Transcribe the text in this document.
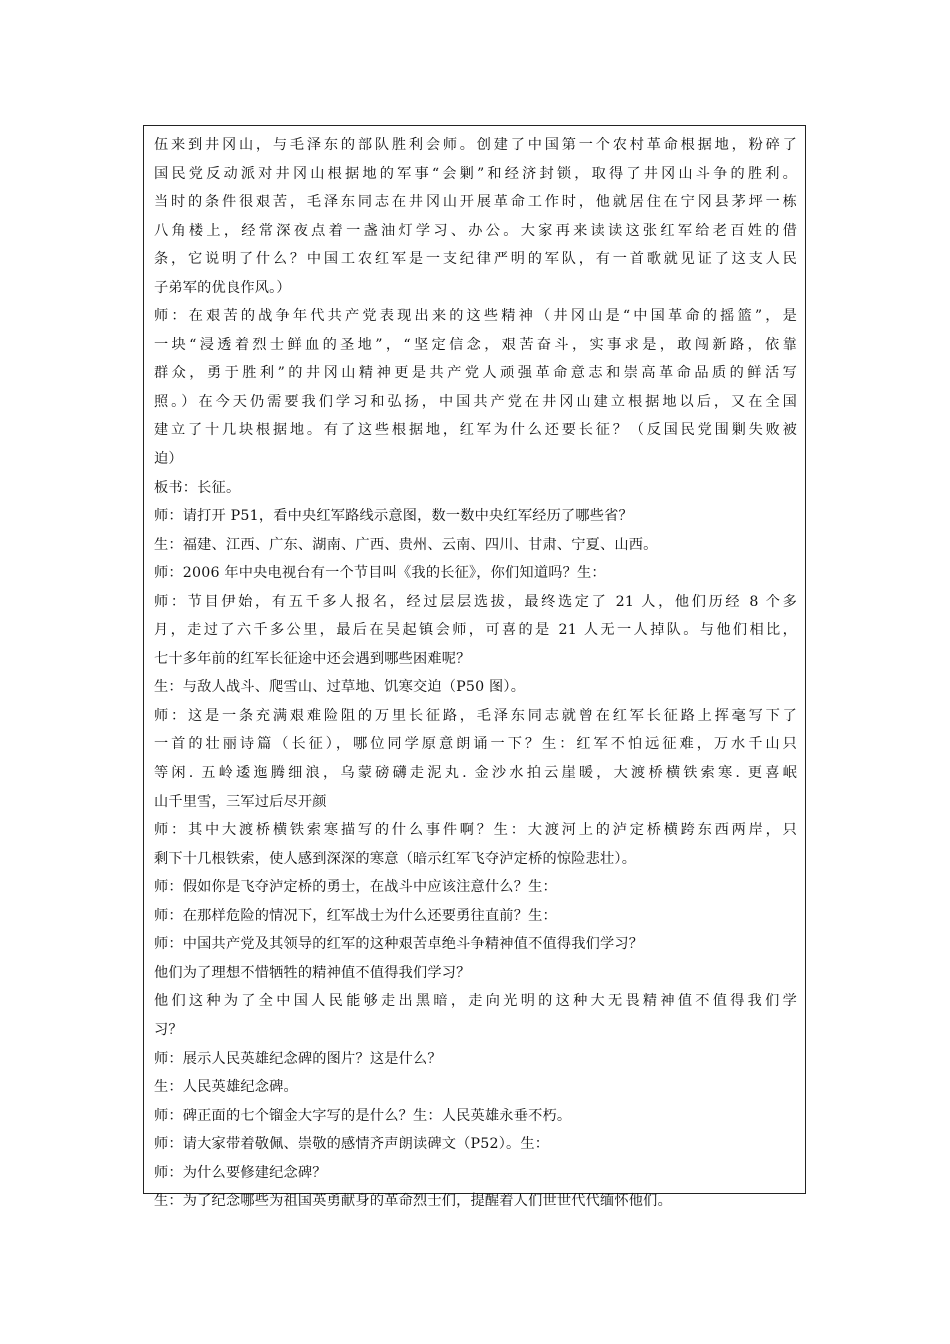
伍来到井冈山，与毛泽东的部队胜利会师。创建了中国第一个农村革命根据地，粉碎了
国民党反动派对井冈山根据地的军事“会剿”和经济封锁，取得了井冈山斗争的胜利。
当时的条件很艰苦，毛泽东同志在井冈山开展革命工作时，他就居住在宁冈县茅坪一栋
八角楼上，经常深夜点着一盏油灯学习、办公。大家再来读读这张红军给老百姓的借
条，它说明了什么？中国工农红军是一支纪律严明的军队，有一首歌就见证了这支人民
子弟军的优良作风。）
师：在艰苦的战争年代共产党表现出来的这些精神（井冈山是“中国革命的摇篮”，是
一块“浸透着烈士鲜血的圣地”，“坚定信念，艰苦奋斗，实事求是，敢闯新路，依靠
群众，勇于胜利”的井冈山精神更是共产党人顽强革命意志和崇高革命品质的鲜活写
照。）在今天仍需要我们学习和弘扬，中国共产党在井冈山建立根据地以后，又在全国
建立了十几块根据地。有了这些根据地，红军为什么还要长征？（反国民党围剿失败被
迫）
板书：长征。
师：请打开 P51，看中央红军路线示意图，数一数中央红军经历了哪些省？
生：福建、江西、广东、湖南、广西、贵州、云南、四川、甘肃、宁夏、山西。
师：2006 年中央电视台有一个节目叫《我的长征》，你们知道吗？生：
师：节目伊始，有五千多人报名，经过层层选拔，最终选定了 21 人，他们历经 8 个多
月，走过了六千多公里，最后在吴起镇会师，可喜的是 21 人无一人掉队。与他们相比，
七十多年前的红军长征途中还会遇到哪些困难呢？
生：与敌人战斗、爬雪山、过草地、饥寒交迫（P50 图）。
师：这是一条充满艰难险阻的万里长征路，毛泽东同志就曾在红军长征路上挥毫写下了
一首的壮丽诗篇（长征），哪位同学原意朗诵一下？生：红军不怕远征难，万水千山只
等闲. 五岭逶迤腾细浪，乌蒙磅礴走泥丸. 金沙水拍云崖暖，大渡桥横铁索寒. 更喜岷
山千里雪，三军过后尽开颜
师：其中大渡桥横铁索寒描写的什么事件啊？生：大渡河上的泸定桥横跨东西两岸，只
剩下十几根铁索，使人感到深深的寒意（暗示红军飞夺泸定桥的惊险悲壮）。
师：假如你是飞夺泸定桥的勇士，在战斗中应该注意什么？生：
师：在那样危险的情况下，红军战士为什么还要勇往直前？生：
师：中国共产党及其领导的红军的这种艰苦卓绝斗争精神值不值得我们学习？
他们为了理想不惜牺牲的精神值不值得我们学习？
他们这种为了全中国人民能够走出黑暗，走向光明的这种大无畏精神值不值得我们学
习？
师：展示人民英雄纪念碑的图片？这是什么？
生：人民英雄纪念碑。
师：碑正面的七个镏金大字写的是什么？生：人民英雄永垂不朽。
师：请大家带着敬佩、崇敬的感情齐声朗读碑文（P52）。生：
师：为什么要修建纪念碑？
生：为了纪念哪些为祖国英勇献身的革命烈士们，提醒着人们世世代代缅怀他们。
